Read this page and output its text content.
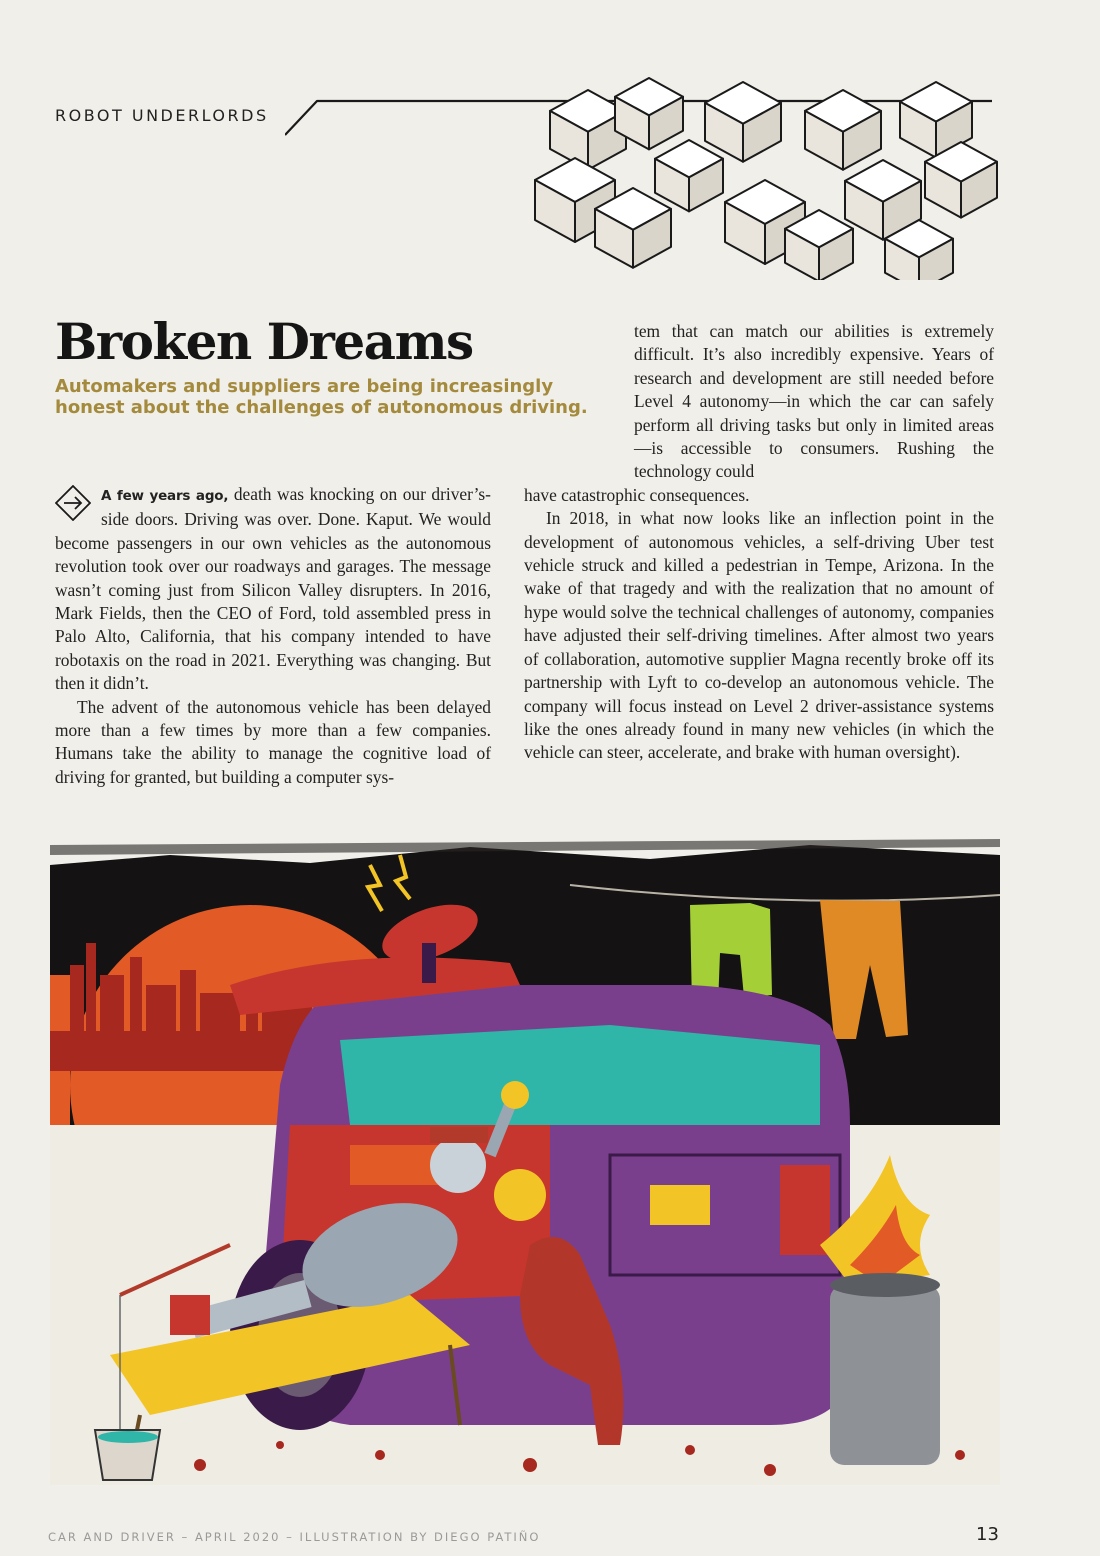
ROBOT UNDERLORDS
Broken Dreams

Automakers and suppliers are being increasingly honest about the challenges of autonomous driving.

A few years ago, death was knocking on our driver’s- side doors. Driving was over. Done. Kaput. We would become passengers in our own vehicles as the autonomous revolution took over our roadways and garages. The message wasn’t coming just from Silicon Valley disrupters. In 2016, Mark Fields, then the CEO of Ford, told assembled press in Palo Alto, California, that his company intended to have robotaxis on the road in 2021. Everything was changing. But then it didn’t.

The advent of the autonomous vehicle has been delayed more than a few times by more than a few companies. Humans take the ability to manage the cognitive load of driving for granted, but building a computer sys-

tem that can match our abilities is extremely difficult. It’s also incredibly expensive. Years of research and development are still needed before Level 4 autonomy—in which the car can safely perform all driving tasks but only in limited areas—is accessible to consumers. Rushing the technology could

have catastrophic consequences.

In 2018, in what now looks like an inflection point in the development of autonomous vehicles, a self-driving Uber test vehicle struck and killed a pedestrian in Tempe, Arizona. In the wake of that tragedy and with the realization that no amount of hype would solve the technical challenges of autonomy, companies have adjusted their self-driving timelines. After almost two years of collaboration, automotive supplier Magna recently broke off its partnership with Lyft to co-develop an autonomous vehicle. The company will focus instead on Level 2 driver-assistance systems like the ones already found in many new vehicles (in which the vehicle can steer, accelerate, and brake with human oversight).

CAR AND DRIVER – APRIL 2020 – ILLUSTRATION BY DIEGO PATIÑO	13
